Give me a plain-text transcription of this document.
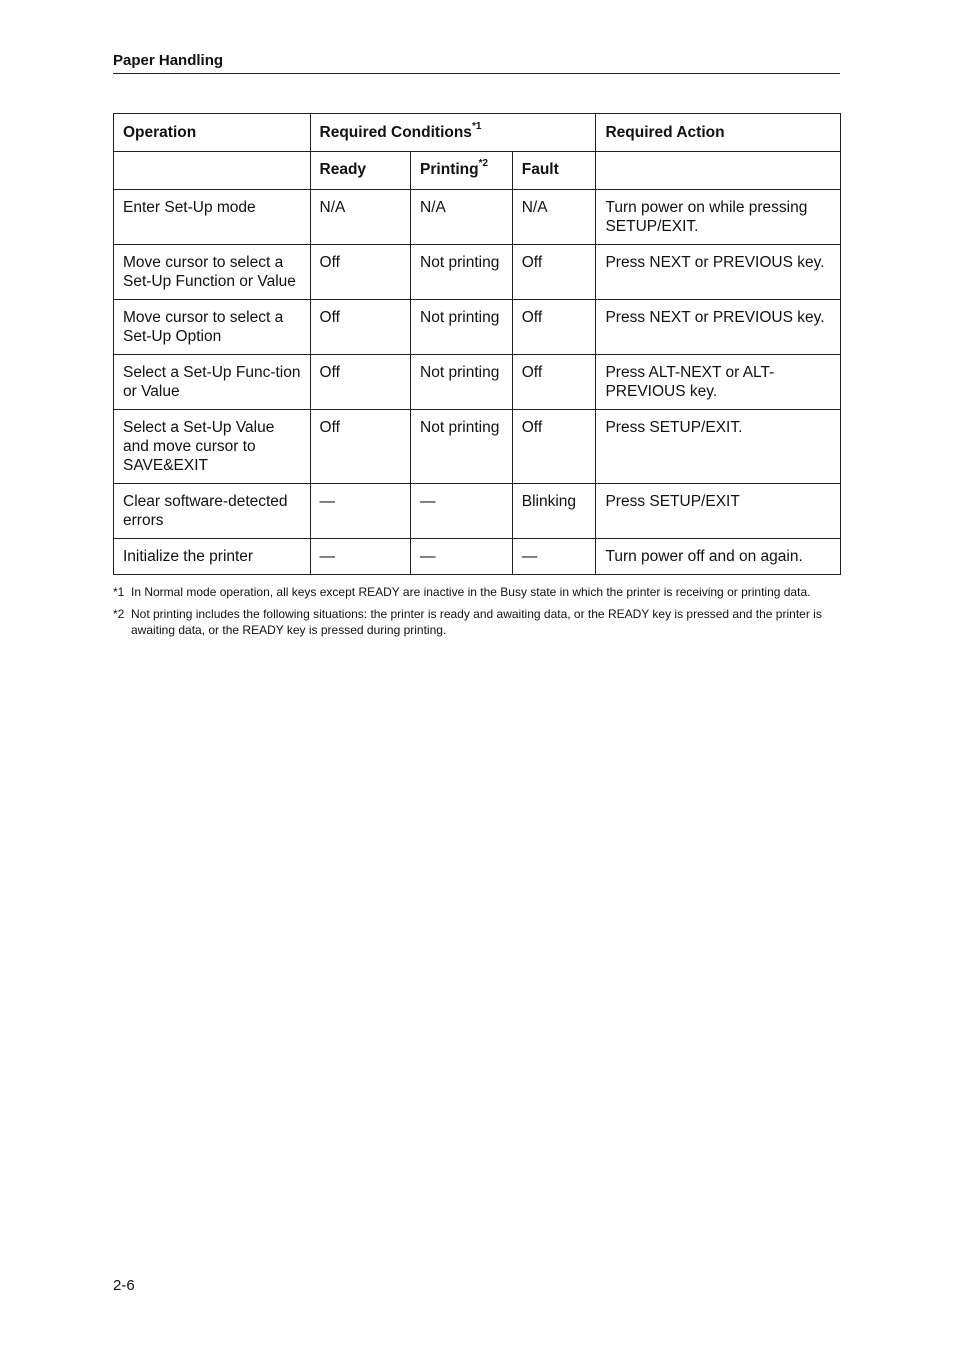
Paper Handling
Operation	Required Conditions$^{*1}$			Required Action
	Ready	Printing$^{*2}$	Fault	
Enter Set-Up mode	N/A	N/A	N/A	Turn power on while pressing SETUP/EXIT.
Move cursor to select a Set-Up Function or Value	Off	Not printing	Off	Press NEXT or PREVIOUS key.
Move cursor to select a Set-Up Option	Off	Not printing	Off	Press NEXT or PREVIOUS key.
Select a Set-Up Func-tion or Value	Off	Not printing	Off	Press ALT-NEXT or ALT-PREVIOUS key.
Select a Set-Up Value and move cursor to SAVE&EXIT	Off	Not printing	Off	Press SETUP/EXIT.
Clear software-detected errors	—	—	Blinking	Press SETUP/EXIT
Initialize the printer	—	—	—	Turn power off and on again.
*1 In Normal mode operation, all keys except READY are inactive in the Busy state in which the printer is receiving or printing data.
*2 Not printing includes the following situations: the printer is ready and awaiting data, or the READY key is pressed and the printer is awaiting data, or the READY key is pressed during printing.
2-6
